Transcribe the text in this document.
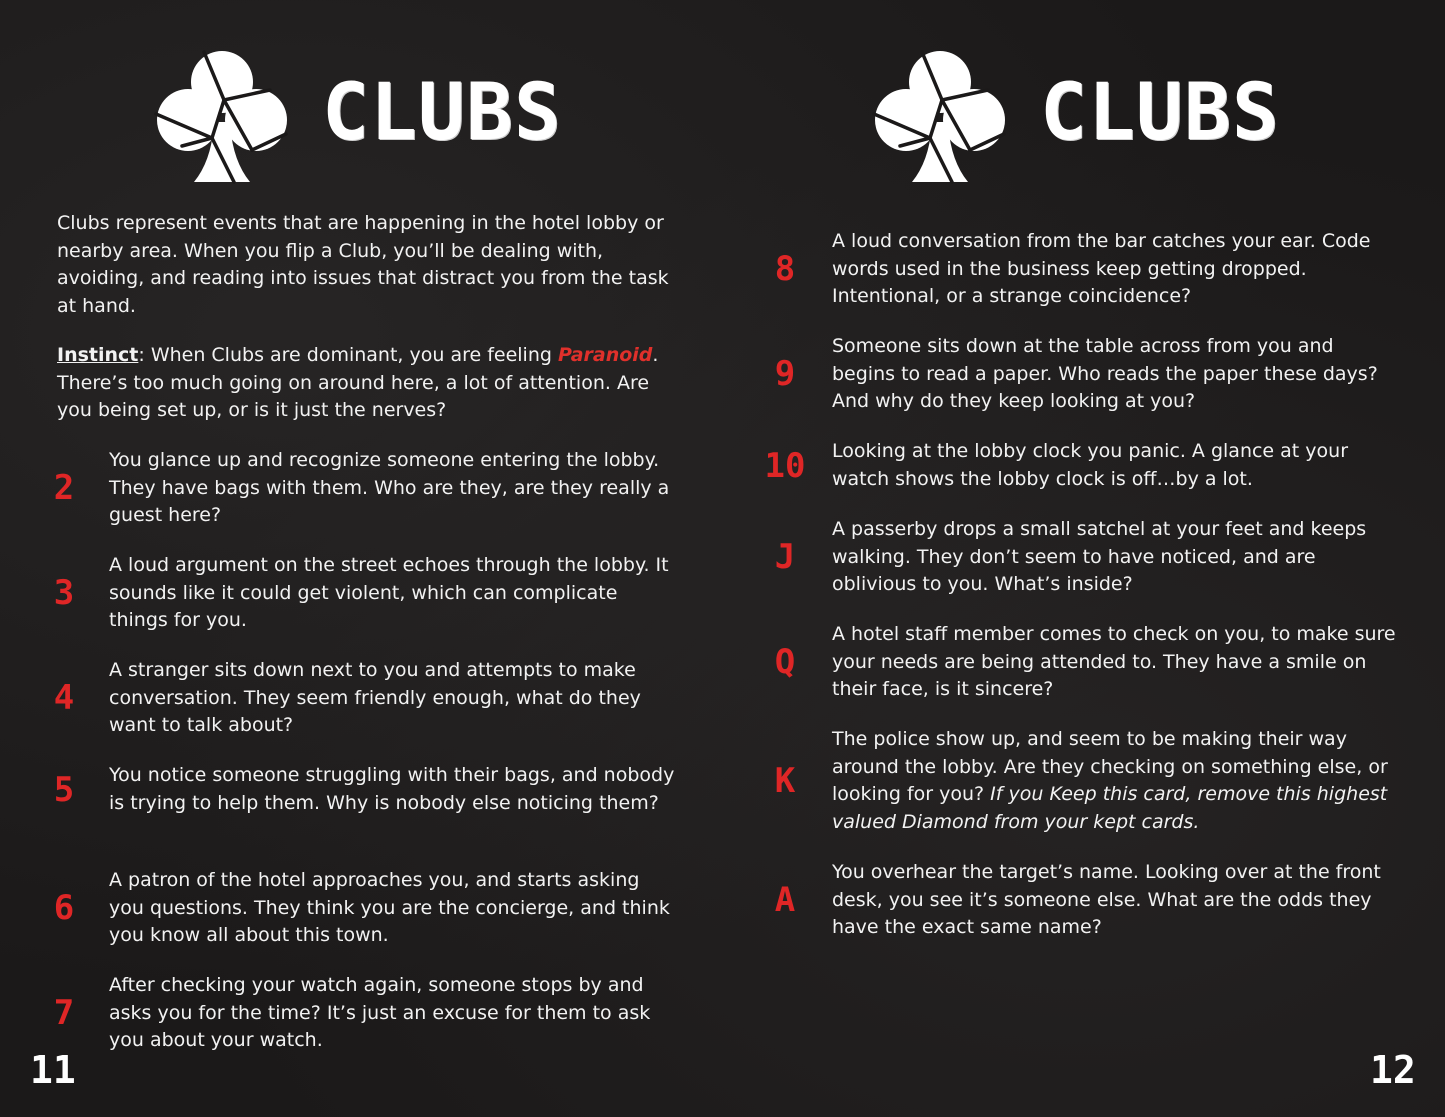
CLUBS

Clubs represent events that are happening in the hotel lobby or nearby area. When you flip a Club, you’ll be dealing with, avoiding, and reading into issues that distract you from the task at hand.

Instinct: When Clubs are dominant, you are feeling Paranoid. There’s too much going on around here, a lot of attention. Are you being set up, or is it just the nerves?

2
You glance up and recognize someone entering the lobby. They have bags with them. Who are they, are they really a guest here?
3
A loud argument on the street echoes through the lobby. It sounds like it could get violent, which can complicate things for you.
4
A stranger sits down next to you and attempts to make conversation. They seem friendly enough, what do they want to talk about?
5	You notice someone struggling with their bags, and nobody is trying to help them. Why is nobody else noticing them?
6
A patron of the hotel approaches you, and starts asking you questions. They think you are the concierge, and think you know all about this town.
7
After checking your watch again, someone stops by and asks you for the time? It’s just an excuse for them to ask you about your watch.
11
CLUBS
8
A loud conversation from the bar catches your ear. Code words used in the business keep getting dropped. Intentional, or a strange coincidence?
9
Someone sits down at the table across from you and begins to read a paper. Who reads the paper these days? And why do they keep looking at you?
10 Looking at the lobby clock you panic. A glance at your watch shows the lobby clock is off…by a lot.
J
A passerby drops a small satchel at your feet and keeps walking. They don’t seem to have noticed, and are oblivious to you. What’s inside?
Q
A hotel staff member comes to check on you, to make sure your needs are being attended to. They have a smile on their face, is it sincere?
K
The police show up, and seem to be making their way around the lobby. Are they checking on something else, or looking for you? If you Keep this card, remove this highest valued Diamond from your kept cards.
A
You overhear the target’s name. Looking over at the front desk, you see it’s someone else. What are the odds they have the exact same name?
12
